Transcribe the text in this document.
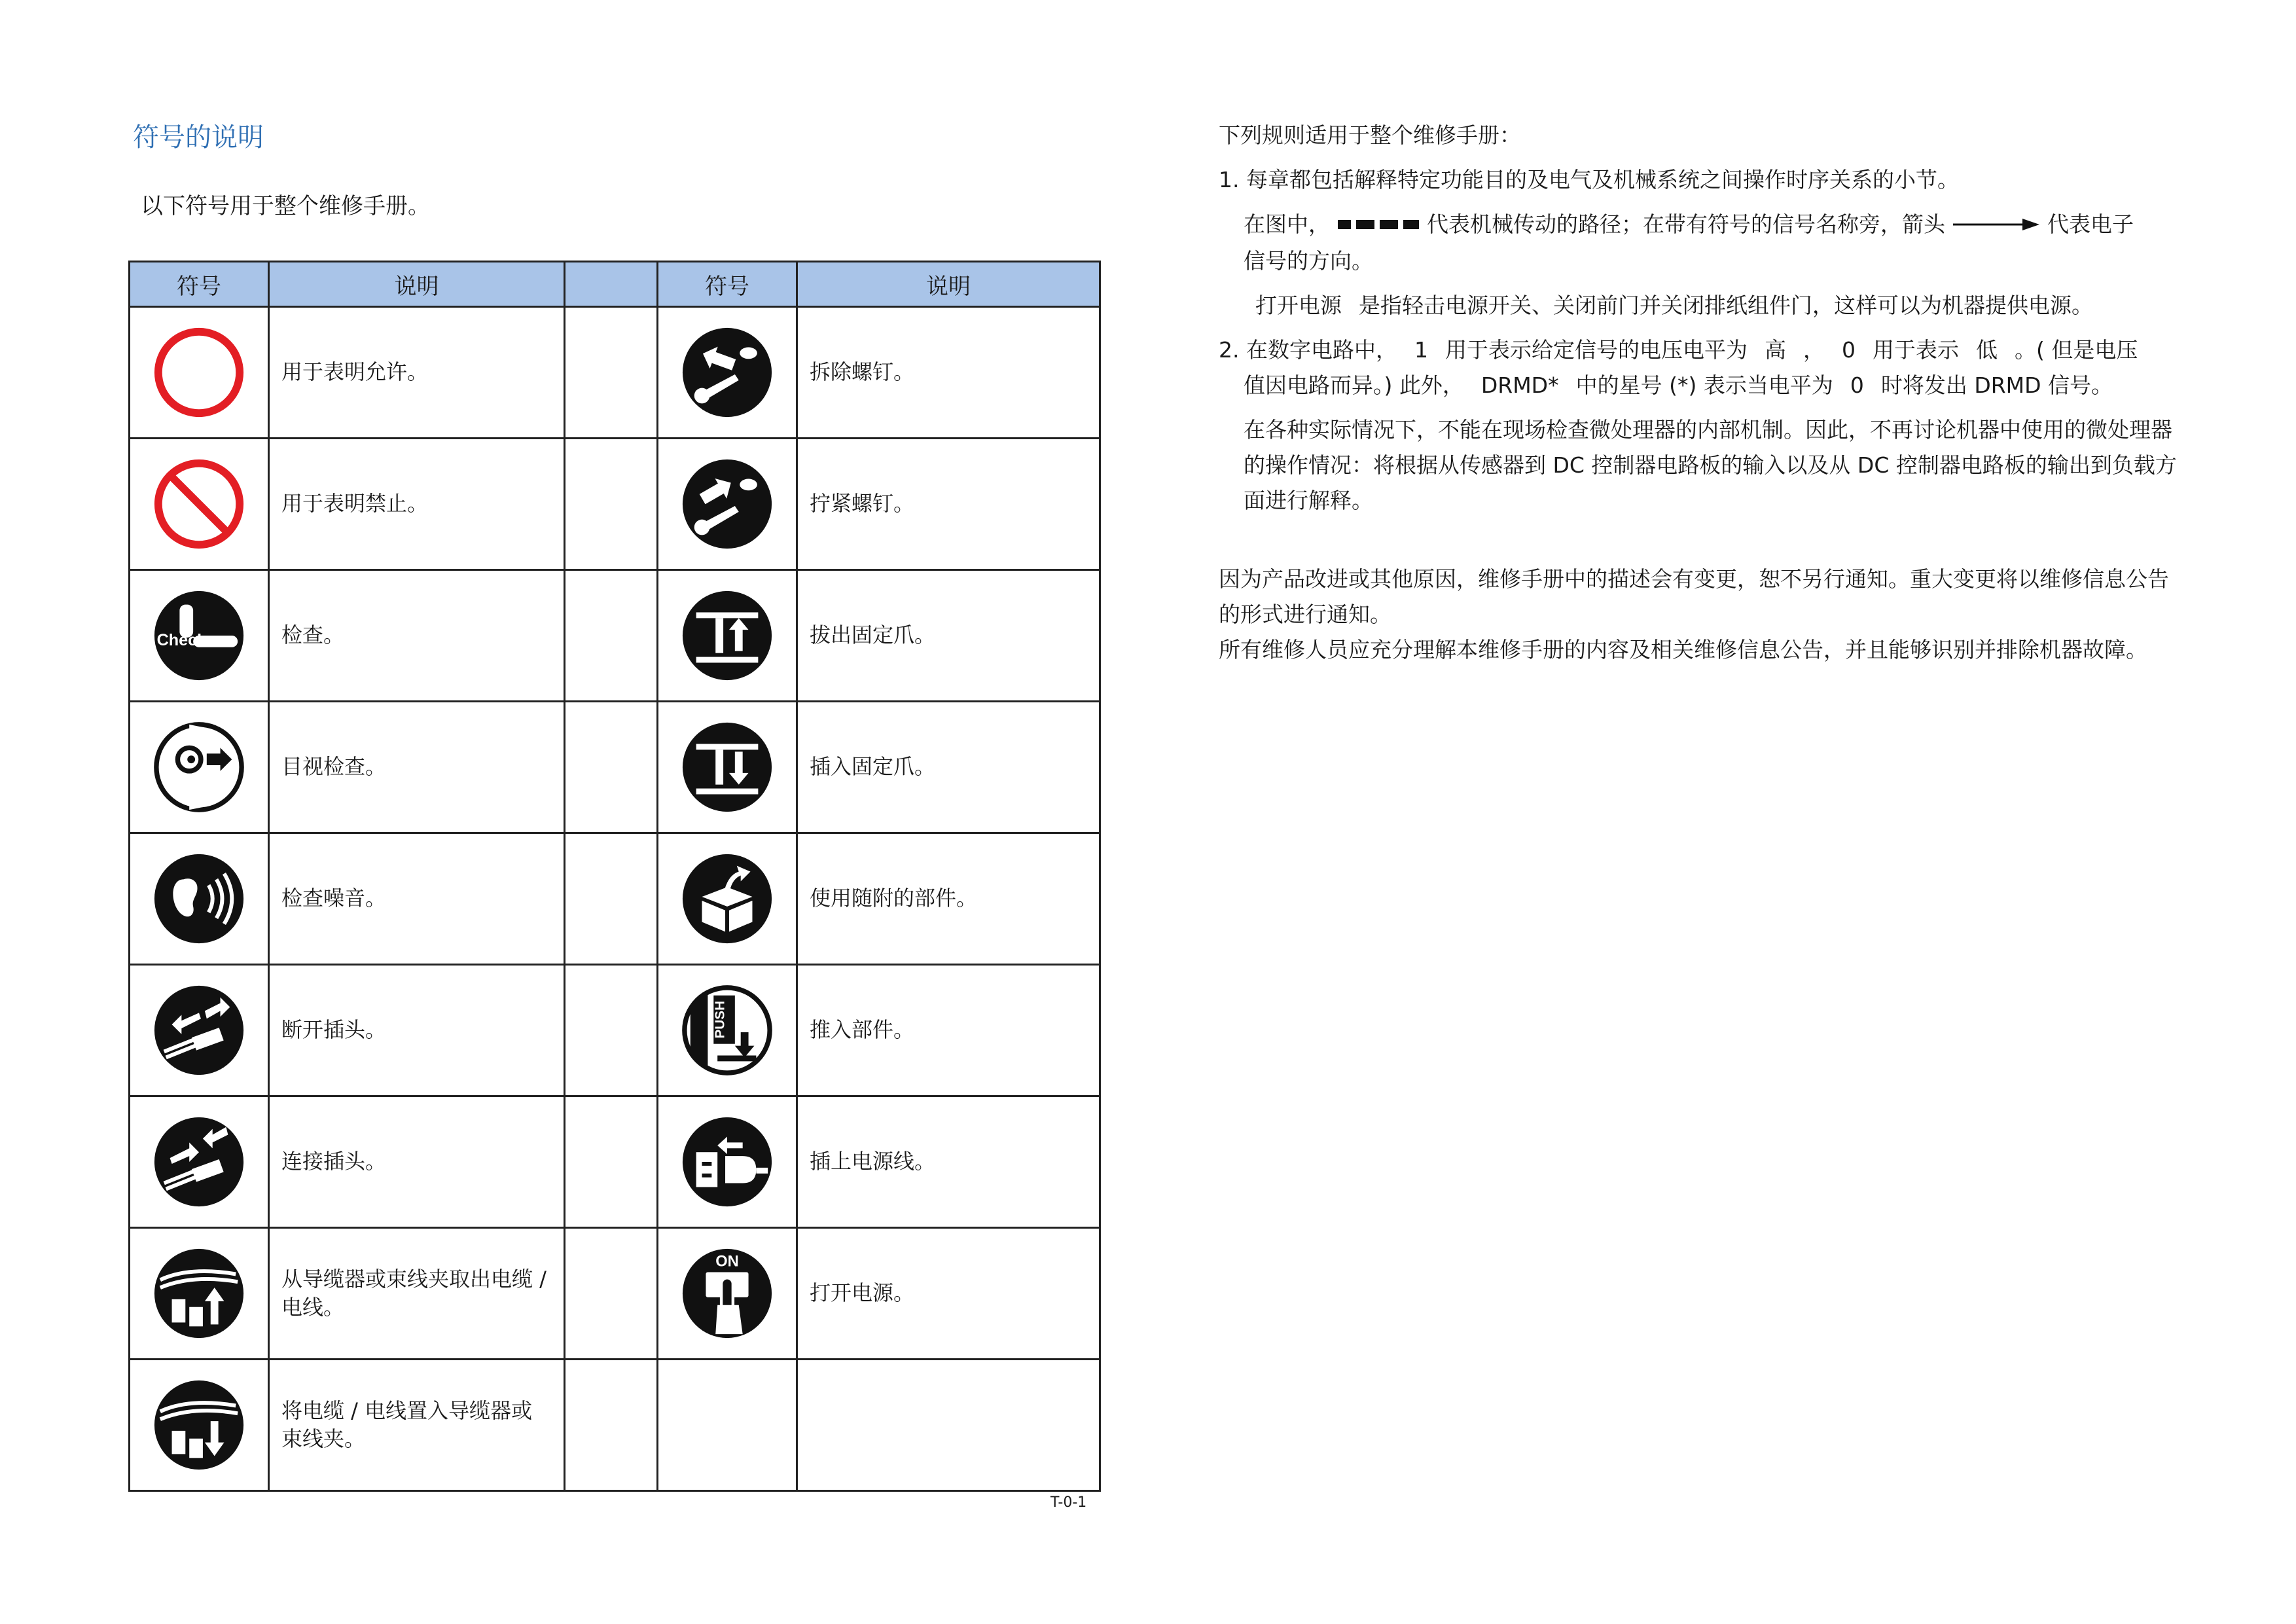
符号的说明
以下符号用于整个维修手册。
符号	说明		符号	说明

	用于表明允许。			拆除螺钉。

	用于表明禁止。			拧紧螺钉。

Check	检查。			拔出固定爪。

	目视检查。			插入固定爪。

	检查噪音。			使用随附的部件。

	断开插头。		PUSH	推入部件。

	连接插头。			插上电源线。

	从导缆器或束线夹取出电缆 / 电线。		ON	打开电源。

	将电缆 / 电线置入导缆器或束线夹。			
T-0-1

下列规则适用于整个维修手册：

1. 每章都包括解释特定功能目的及电气及机械系统之间操作时序关系的小节。

在图中，	代表机械传动的路径；在带有符号的信号名称旁，箭头	代表电子

信号的方向。

打开电源 是指轻击电源开关、关闭前门并关闭排纸组件门，这样可以为机器提供电源。

2. 在数字电路中， 1 用于表示给定信号的电压电平为 高 ， 0 用于表示 低 。( 但是电压

值因电路而异。) 此外， DRMD* 中的星号 (*) 表示当电平为 0 时将发出 DRMD 信号。

在各种实际情况下，不能在现场检查微处理器的内部机制。因此，不再讨论机器中使用的微处理器的操作情况：将根据从传感器到 DC 控制器电路板的输入以及从 DC 控制器电路板的输出到负载方面进行解释。

因为产品改进或其他原因，维修手册中的描述会有变更，恕不另行通知。重大变更将以维修信息公告的形式进行通知。

所有维修人员应充分理解本维修手册的内容及相关维修信息公告，并且能够识别并排除机器故障。
